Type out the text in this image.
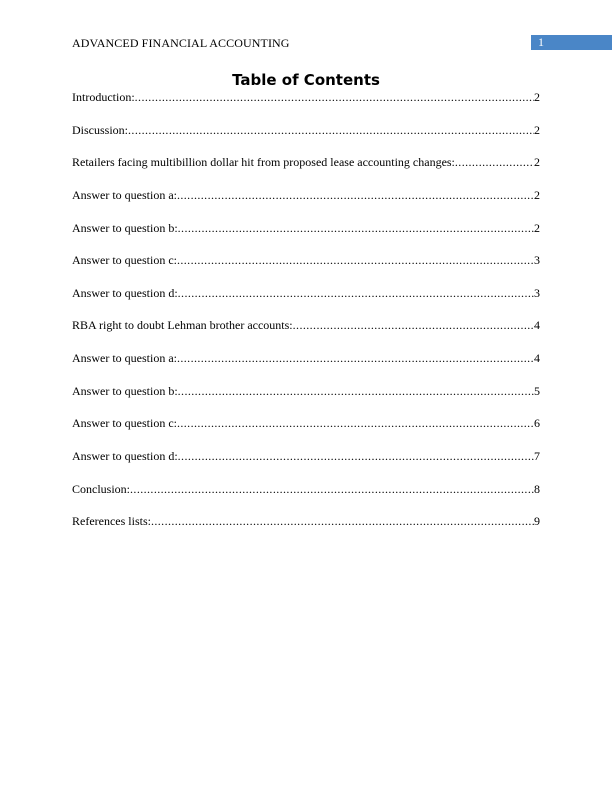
ADVANCED FINANCIAL ACCOUNTING	1
Table of Contents
Introduction: .....	2
Discussion: .....	2
Retailers facing multibillion dollar hit from proposed lease accounting changes: .....	2
Answer to question a: .....	2
Answer to question b: .....	2
Answer to question c: .....	3
Answer to question d: .....	3
RBA right to doubt Lehman brother accounts: .....	4
Answer to question a: .....	4
Answer to question b: .....	5
Answer to question c: .....	6
Answer to question d: .....	7
Conclusion: .....	8
References lists: .....	9
